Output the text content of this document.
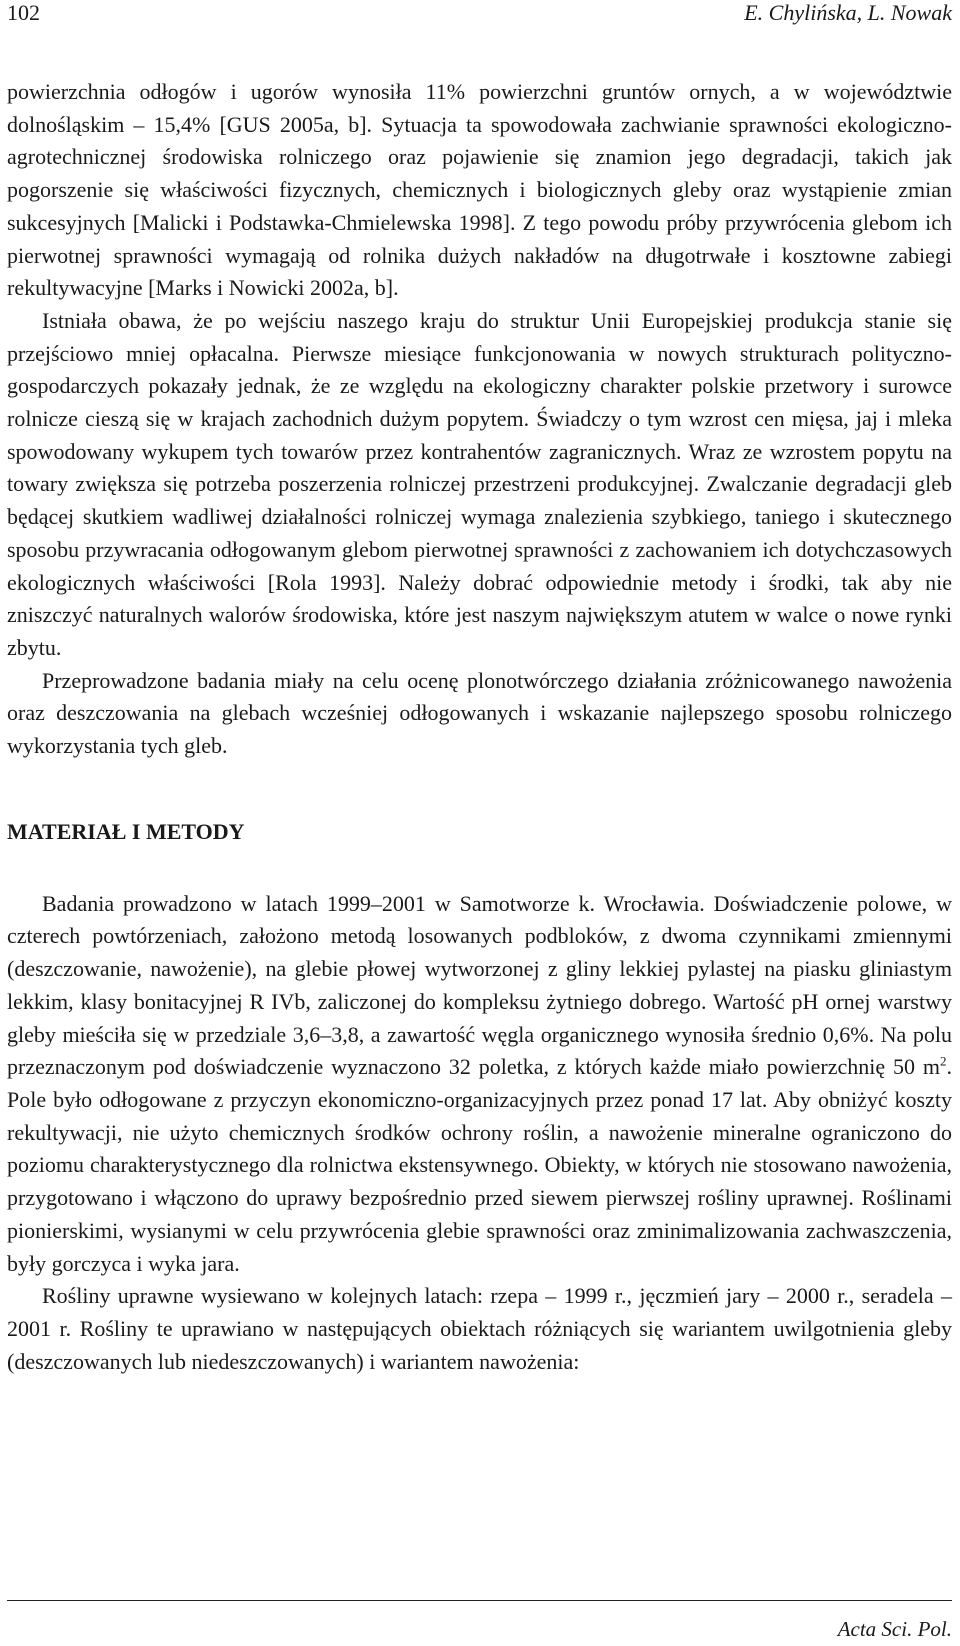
102	E. Chylińska, L. Nowak

powierzchnia odłogów i ugorów wynosiła 11% powierzchni gruntów ornych, a w województwie dolnośląskim – 15,4% [GUS 2005a, b]. Sytuacja ta spowodowała zachwianie sprawności ekologiczno-agrotechnicznej środowiska rolniczego oraz pojawienie się znamion jego degradacji, takich jak pogorszenie się właściwości fizycznych, chemicznych i biologicznych gleby oraz wystąpienie zmian sukcesyjnych [Malicki i Podstawka-Chmielewska 1998]. Z tego powodu próby przywrócenia glebom ich pierwotnej sprawności wymagają od rolnika dużych nakładów na długotrwałe i kosztowne zabiegi rekultywacyjne [Marks i Nowicki 2002a, b].

Istniała obawa, że po wejściu naszego kraju do struktur Unii Europejskiej produkcja stanie się przejściowo mniej opłacalna. Pierwsze miesiące funkcjonowania w nowych strukturach polityczno-gospodarczych pokazały jednak, że ze względu na ekologiczny charakter polskie przetwory i surowce rolnicze cieszą się w krajach zachodnich dużym popytem. Świadczy o tym wzrost cen mięsa, jaj i mleka spowodowany wykupem tych towarów przez kontrahentów zagranicznych. Wraz ze wzrostem popytu na towary zwiększa się potrzeba poszerzenia rolniczej przestrzeni produkcyjnej. Zwalczanie degradacji gleb będącej skutkiem wadliwej działalności rolniczej wymaga znalezienia szybkiego, taniego i skutecznego sposobu przywracania odłogowanym glebom pierwotnej sprawności z zachowaniem ich dotychczasowych ekologicznych właściwości [Rola 1993]. Należy dobrać odpowiednie metody i środki, tak aby nie zniszczyć naturalnych walorów środowiska, które jest naszym największym atutem w walce o nowe rynki zbytu.

Przeprowadzone badania miały na celu ocenę plonotwórczego działania zróżnicowanego nawożenia oraz deszczowania na glebach wcześniej odłogowanych i wskazanie najlepszego sposobu rolniczego wykorzystania tych gleb.

MATERIAŁ I METODY

Badania prowadzono w latach 1999–2001 w Samotworze k. Wrocławia. Doświadczenie polowe, w czterech powtórzeniach, założono metodą losowanych podbloków, z dwoma czynnikami zmiennymi (deszczowanie, nawożenie), na glebie płowej wytworzonej z gliny lekkiej pylastej na piasku gliniastym lekkim, klasy bonitacyjnej R IVb, zaliczonej do kompleksu żytniego dobrego. Wartość pH ornej warstwy gleby mieściła się w przedziale 3,6–3,8, a zawartość węgla organicznego wynosiła średnio 0,6%. Na polu przeznaczonym pod doświadczenie wyznaczono 32 poletka, z których każde miało powierzchnię 50 $m^2$. Pole było odłogowane z przyczyn ekonomiczno-organizacyjnych przez ponad 17 lat. Aby obniżyć koszty rekultywacji, nie użyto chemicznych środków ochrony roślin, a nawożenie mineralne ograniczono do poziomu charakterystycznego dla rolnictwa ekstensywnego. Obiekty, w których nie stosowano nawożenia, przygotowano i włączono do uprawy bezpośrednio przed siewem pierwszej rośliny uprawnej. Roślinami pionierskimi, wysianymi w celu przywrócenia glebie sprawności oraz zminimalizowania zachwaszczenia, były gorczyca i wyka jara.

Rośliny uprawne wysiewano w kolejnych latach: rzepa – 1999 r., jęczmień jary – 2000 r., seradela – 2001 r. Rośliny te uprawiano w następujących obiektach różniących się wariantem uwilgotnienia gleby (deszczowanych lub niedeszczowanych) i wariantem nawożenia:

Acta Sci. Pol.
